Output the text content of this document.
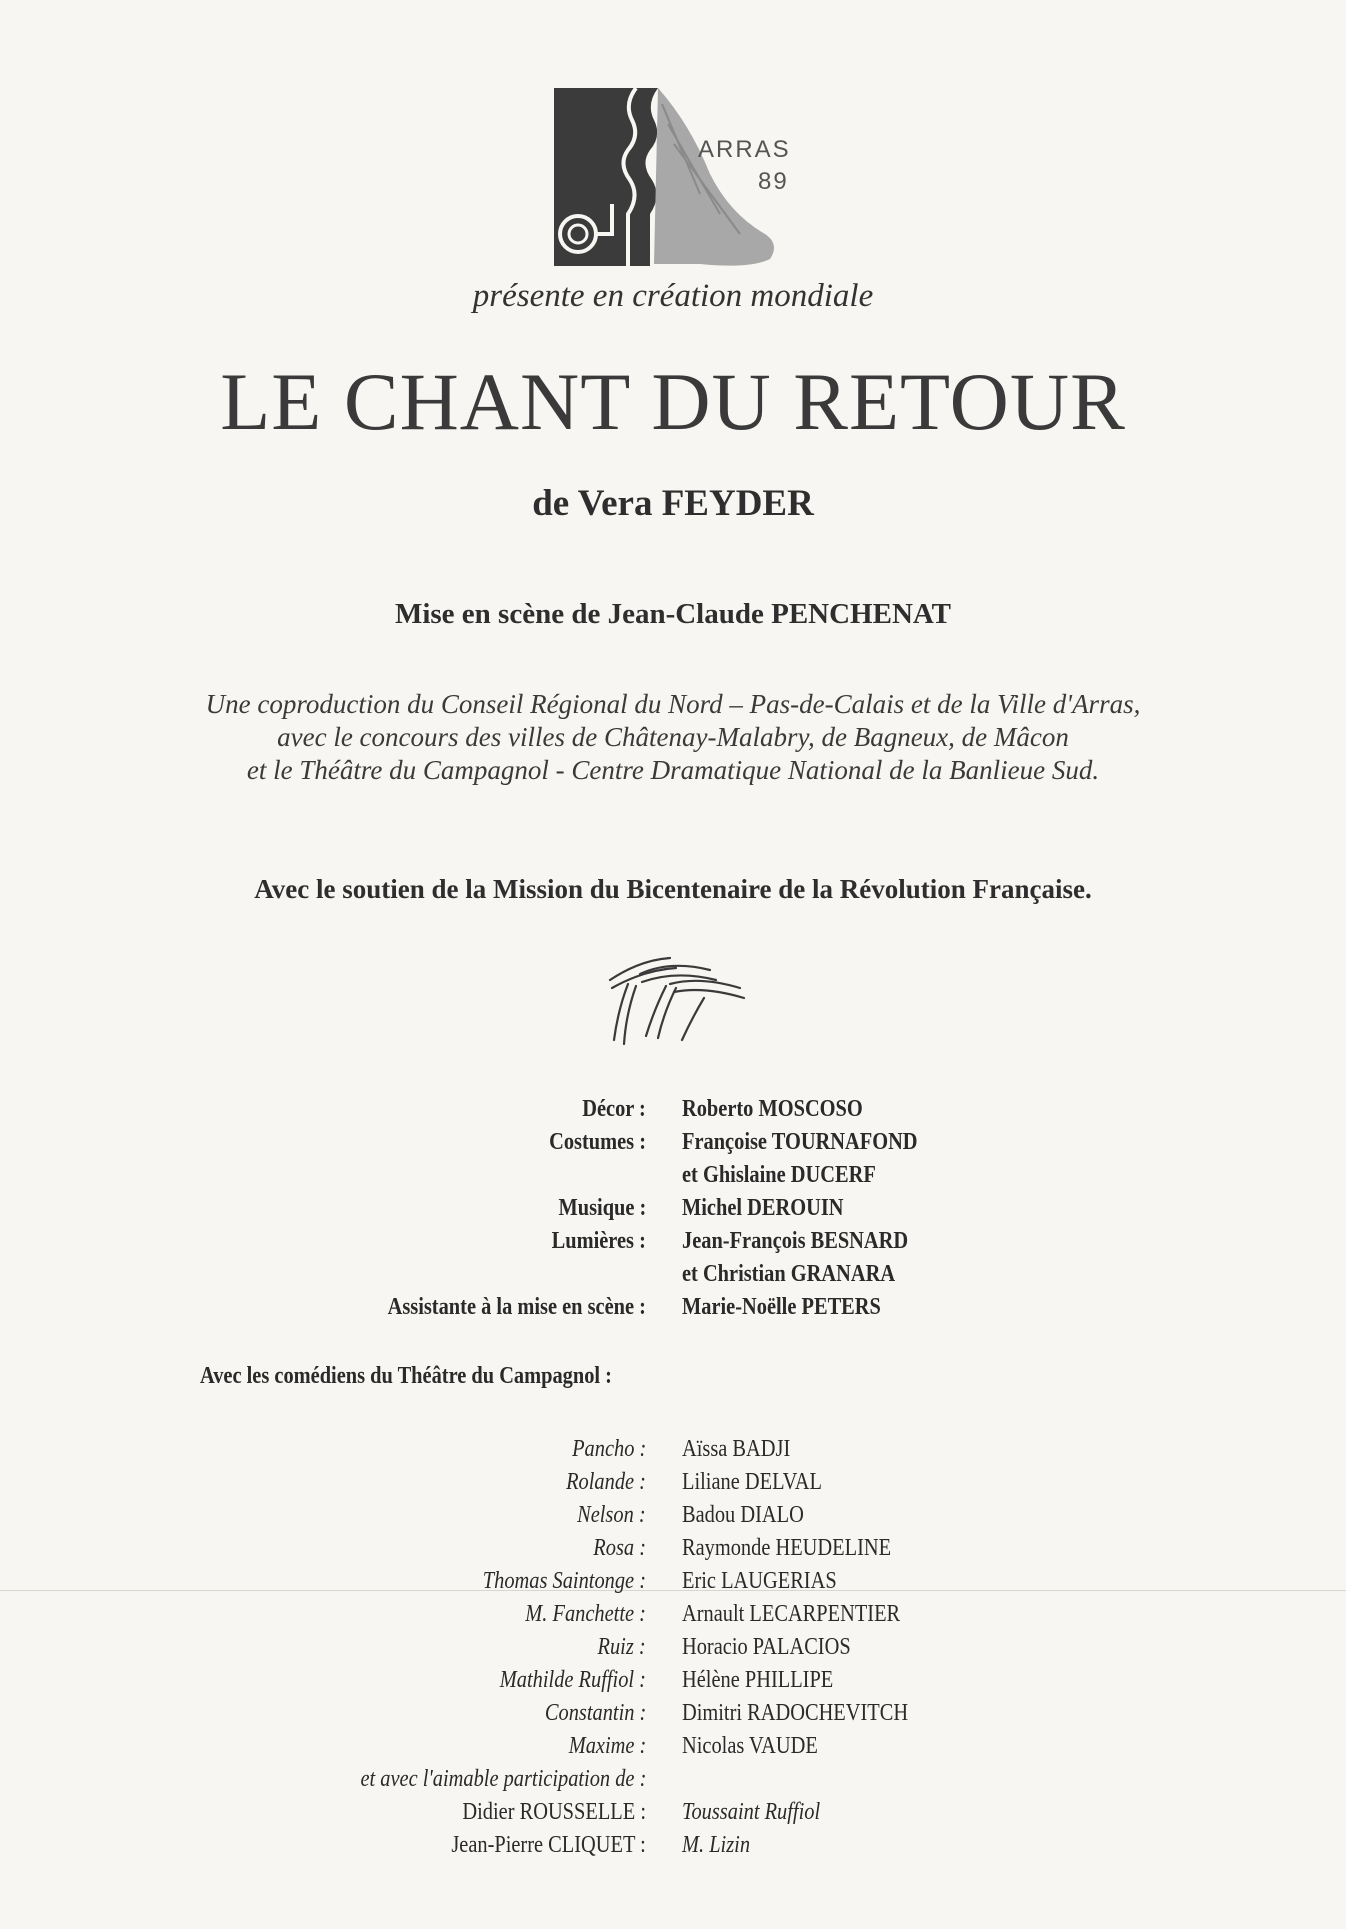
ARRAS
89
présente en création mondiale
LE CHANT DU RETOUR
de Vera FEYDER
Mise en scène de Jean-Claude PENCHENAT
Une coproduction du Conseil Régional du Nord – Pas-de-Calais et de la Ville d'Arras,
avec le concours des villes de Châtenay-Malabry, de Bagneux, de Mâcon
et le Théâtre du Campagnol - Centre Dramatique National de la Banlieue Sud.
Avec le soutien de la Mission du Bicentenaire de la Révolution Française.
Décor : Roberto MOSCOSO
Costumes : Françoise TOURNAFOND
et Ghislaine DUCERF
Musique : Michel DEROUIN
Lumières : Jean-François BESNARD
et Christian GRANARA
Assistante à la mise en scène : Marie-Noëlle PETERS
Avec les comédiens du Théâtre du Campagnol :
Pancho : Aïssa BADJI
Rolande : Liliane DELVAL
Nelson : Badou DIALO
Rosa : Raymonde HEUDELINE
Thomas Saintonge : Eric LAUGERIAS
M. Fanchette : Arnault LECARPENTIER
Ruiz : Horacio PALACIOS
Mathilde Ruffiol : Hélène PHILLIPE
Constantin : Dimitri RADOCHEVITCH
Maxime : Nicolas VAUDE
et avec l'aimable participation de :
Didier ROUSSELLE : Toussaint Ruffiol
Jean-Pierre CLIQUET : M. Lizin
